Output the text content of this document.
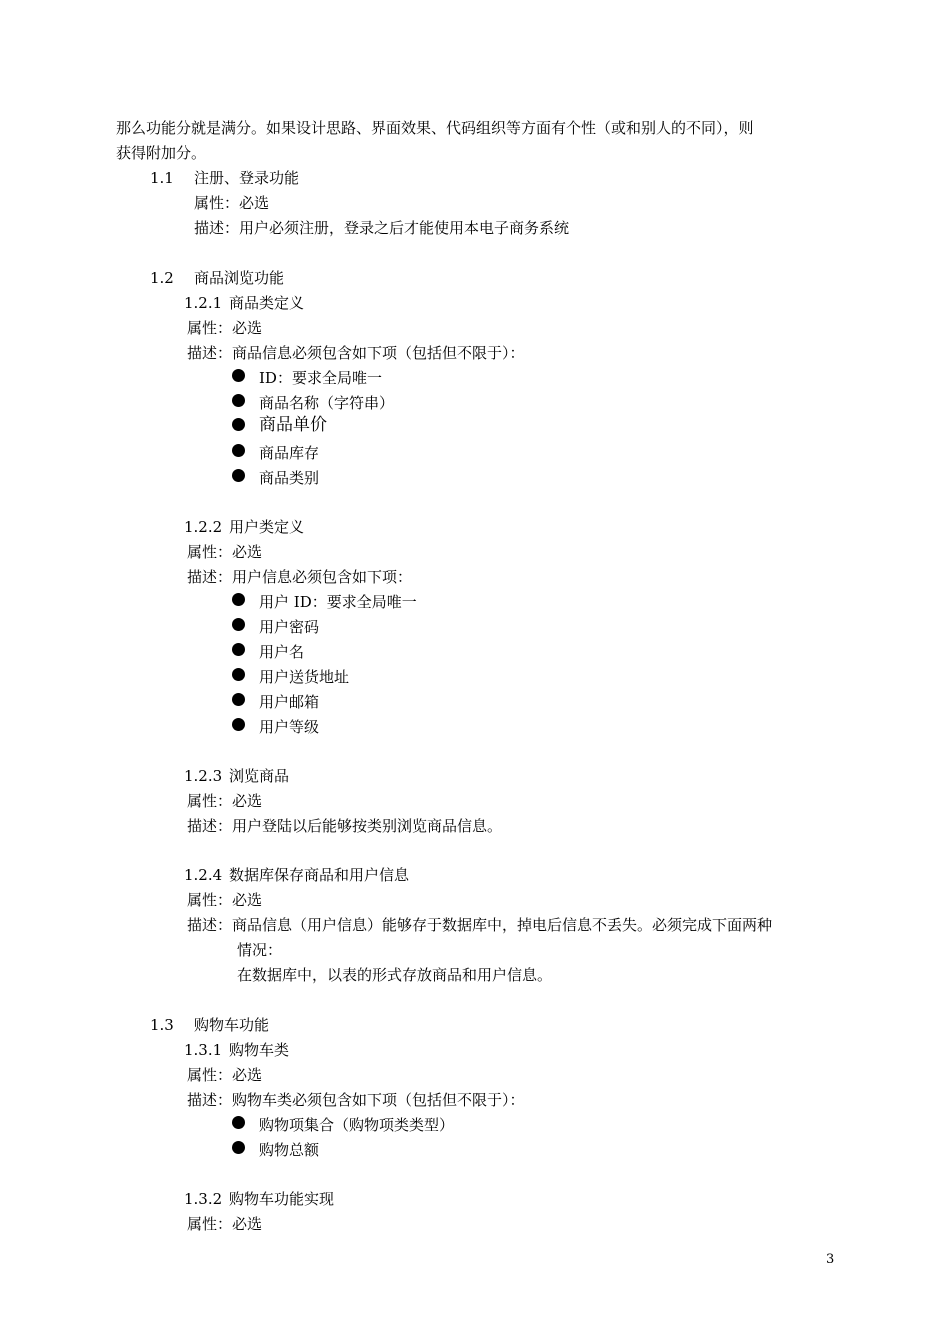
那么功能分就是满分。如果设计思路、界面效果、代码组织等方面有个性（或和别人的不同），则
获得附加分。
1.1 注册、登录功能
属性：必选
描述：用户必须注册，登录之后才能使用本电子商务系统
1.2 商品浏览功能
1.2.1 商品类定义
属性：必选
描述：商品信息必须包含如下项（包括但不限于）：
ID：要求全局唯一
商品名称（字符串）
商品单价
商品库存
商品类别
1.2.2 用户类定义
属性：必选
描述：用户信息必须包含如下项：
用户 ID：要求全局唯一
用户密码
用户名
用户送货地址
用户邮箱
用户等级
1.2.3 浏览商品
属性：必选
描述：用户登陆以后能够按类别浏览商品信息。
1.2.4 数据库保存商品和用户信息
属性：必选
描述：商品信息（用户信息）能够存于数据库中，掉电后信息不丢失。必须完成下面两种
情况：
在数据库中，以表的形式存放商品和用户信息。
1.3 购物车功能
1.3.1 购物车类
属性：必选
描述：购物车类必须包含如下项（包括但不限于）：
购物项集合（购物项类类型）
购物总额
1.3.2 购物车功能实现
属性：必选
3
